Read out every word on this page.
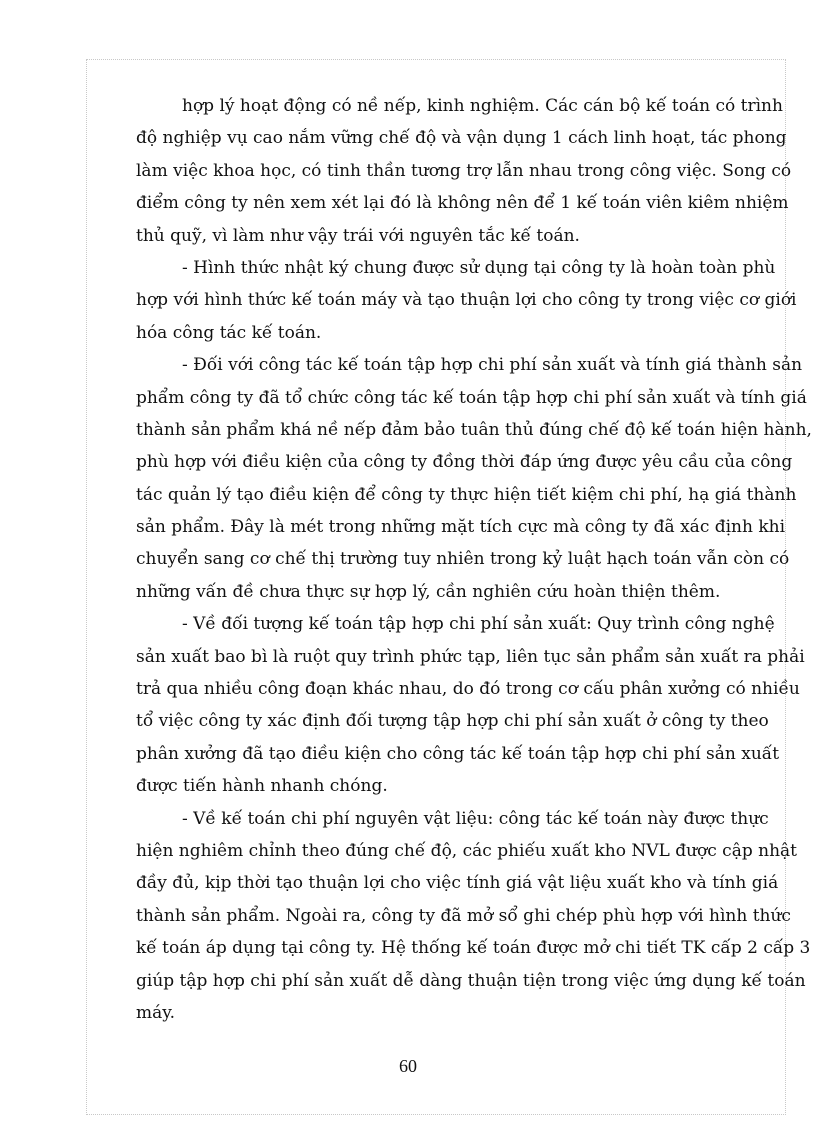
hợp lý hoạt động có nề nếp, kinh nghiệm. Các cán bộ kế toán có trình
độ nghiệp vụ cao nắm vững chế độ và vận dụng 1 cách linh hoạt, tác phong
làm việc khoa học, có tinh thần tương trợ lẫn nhau trong công việc. Song có
điểm công ty nên xem xét lại đó là không nên để 1 kế toán viên kiêm nhiệm
thủ quỹ, vì làm như vậy trái với nguyên tắc kế toán.
- Hình thức nhật ký chung được sử dụng tại công ty là hoàn toàn phù
hợp với hình thức kế toán máy và tạo thuận lợi cho công ty trong việc cơ giới
hóa công tác kế toán.
- Đối với công tác kế toán tập hợp chi phí sản xuất và tính giá thành sản
phẩm công ty đã tổ chức công tác kế toán tập hợp chi phí sản xuất và tính giá
thành sản phẩm khá nề nếp đảm bảo tuân thủ đúng chế độ kế toán hiện hành,
phù hợp với điều kiện của công ty đồng thời đáp ứng được yêu cầu của công
tác quản lý tạo điều kiện để công ty thực hiện tiết kiệm chi phí, hạ giá thành
sản phẩm. Đây là mét trong những mặt tích cực mà công ty đã xác định khi
chuyển sang cơ chế thị trường tuy nhiên trong kỷ luật hạch toán vẫn còn có
những vấn đề chưa thực sự hợp lý, cần nghiên cứu hoàn thiện thêm.
- Về đối tượng kế toán tập hợp chi phí sản xuất: Quy trình công nghệ
sản xuất bao bì là ruột quy trình phức tạp, liên tục sản phẩm sản xuất ra phải
trả qua nhiều công đoạn khác nhau, do đó trong cơ cấu phân xưởng có nhiều
tổ việc công ty xác định đối tượng tập hợp chi phí sản xuất ở công ty theo
phân xưởng đã tạo điều kiện cho công tác kế toán tập hợp chi phí sản xuất
được tiến hành nhanh chóng.
- Về kế toán chi phí nguyên vật liệu: công tác kế toán này được thực
hiện nghiêm chỉnh theo đúng chế độ, các phiếu xuất kho NVL được cập nhật
đầy đủ, kịp thời tạo thuận lợi cho việc tính giá vật liệu xuất kho và tính giá
thành sản phẩm. Ngoài ra, công ty đã mở sổ ghi chép phù hợp với hình thức
kế toán áp dụng tại công ty. Hệ thống kế toán được mở chi tiết TK cấp 2 cấp 3
giúp tập hợp chi phí sản xuất dễ dàng thuận tiện trong việc ứng dụng kế toán
máy.
60
